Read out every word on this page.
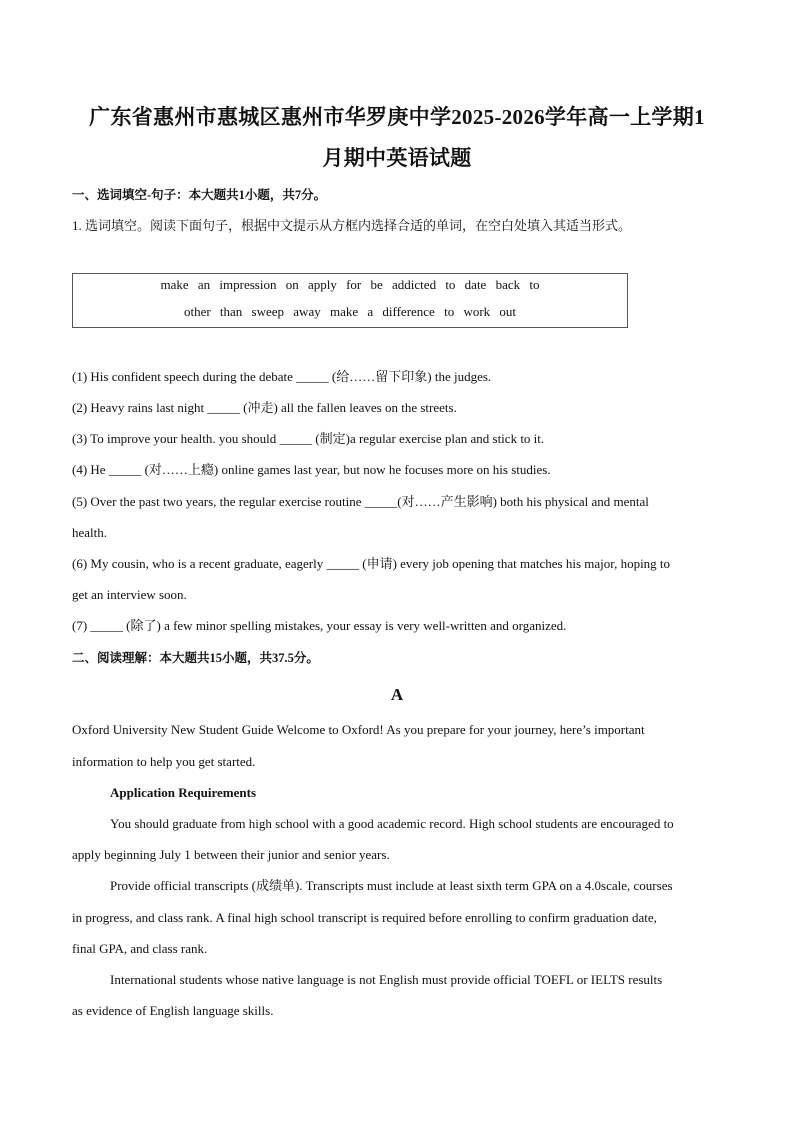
广东省惠州市惠城区惠州市华罗庚中学2025-2026学年高一上学期1
月期中英语试题
一、选词填空-句子：本大题共1小题，共7分。
1. 选词填空。阅读下面句子，根据中文提示从方框内选择合适的单词，在空白处填入其适当形式。
make an impression on apply for be addicted to date back to
other than sweep away make a difference to work out
(1) His confident speech during the debate _____ (给……留下印象) the judges.
(2) Heavy rains last night _____ (冲走) all the fallen leaves on the streets.
(3) To improve your health. you should _____ (制定)a regular exercise plan and stick to it.
(4) He _____ (对……上瘾) online games last year, but now he focuses more on his studies.
(5) Over the past two years, the regular exercise routine _____(对……产生影响) both his physical and mental
health.
(6) My cousin, who is a recent graduate, eagerly _____ (申请) every job opening that matches his major, hoping to
get an interview soon.
(7) _____ (除了) a few minor spelling mistakes, your essay is very well-written and organized.
二、阅读理解：本大题共15小题，共37.5分。
A
Oxford University New Student Guide Welcome to Oxford! As you prepare for your journey, here’s important
information to help you get started.
Application Requirements
You should graduate from high school with a good academic record. High school students are encouraged to
apply beginning July 1 between their junior and senior years.
Provide official transcripts (成绩单). Transcripts must include at least sixth term GPA on a 4.0scale, courses
in progress, and class rank. A final high school transcript is required before enrolling to confirm graduation date,
final GPA, and class rank.
International students whose native language is not English must provide official TOEFL or IELTS results
as evidence of English language skills.
